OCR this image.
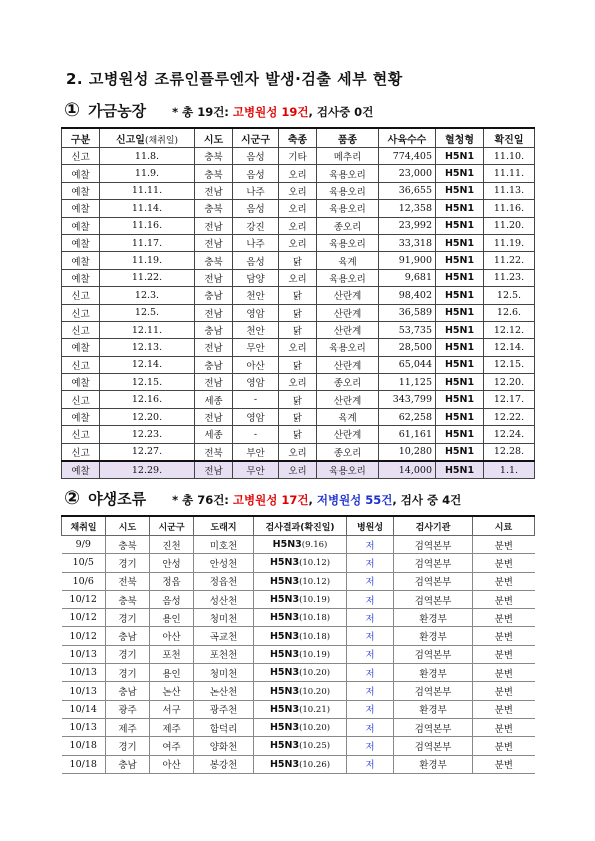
2. 고병원성 조류인플루엔자 발생·검출 세부 현황
① 가금농장 * 총 19건: 고병원성 19건, 검사중 0건
구분	신고일(채취일)	시도	시군구	축종	품종	사육수수	혈청형	확진일
신고	11.8.	충북	음성	기타	메추리	774,405	H5N1	11.10.
예찰	11.9.	충북	음성	오리	육용오리	23,000	H5N1	11.11.
예찰	11.11.	전남	나주	오리	육용오리	36,655	H5N1	11.13.
예찰	11.14.	충북	음성	오리	육용오리	12,358	H5N1	11.16.
예찰	11.16.	전남	강진	오리	종오리	23,992	H5N1	11.20.
예찰	11.17.	전남	나주	오리	육용오리	33,318	H5N1	11.19.
예찰	11.19.	충북	음성	닭	육계	91,900	H5N1	11.22.
예찰	11.22.	전남	담양	오리	육용오리	9,681	H5N1	11.23.
신고	12.3.	충남	천안	닭	산란계	98,402	H5N1	12.5.
신고	12.5.	전남	영암	닭	산란계	36,589	H5N1	12.6.
신고	12.11.	충남	천안	닭	산란계	53,735	H5N1	12.12.
예찰	12.13.	전남	무안	오리	육용오리	28,500	H5N1	12.14.
신고	12.14.	충남	아산	닭	산란계	65,044	H5N1	12.15.
예찰	12.15.	전남	영암	오리	종오리	11,125	H5N1	12.20.
신고	12.16.	세종	-	닭	산란계	343,799	H5N1	12.17.
예찰	12.20.	전남	영암	닭	육계	62,258	H5N1	12.22.
신고	12.23.	세종	-	닭	산란계	61,161	H5N1	12.24.
신고	12.27.	전북	부안	오리	종오리	10,280	H5N1	12.28.
예찰	12.29.	전남	무안	오리	육용오리	14,000	H5N1	1.1.
② 야생조류 * 총 76건: 고병원성 17건, 저병원성 55건, 검사 중 4건
채취일	시도	시군구	도래지	검사결과(확진일)	병원성	검사기관	시료
9/9	충북	진천	미호천	H5N3(9.16)	저	검역본부	분변
10/5	경기	안성	안성천	H5N3(10.12)	저	검역본부	분변
10/6	전북	정읍	정읍천	H5N3(10.12)	저	검역본부	분변
10/12	충북	음성	성산천	H5N3(10.19)	저	검역본부	분변
10/12	경기	용인	청미천	H5N3(10.18)	저	환경부	분변
10/12	충남	아산	곡교천	H5N3(10.18)	저	환경부	분변
10/13	경기	포천	포천천	H5N3(10.19)	저	검역본부	분변
10/13	경기	용인	청미천	H5N3(10.20)	저	환경부	분변
10/13	충남	논산	논산천	H5N3(10.20)	저	검역본부	분변
10/14	광주	서구	광주천	H5N3(10.21)	저	환경부	분변
10/13	제주	제주	함덕리	H5N3(10.20)	저	검역본부	분변
10/18	경기	여주	양화천	H5N3(10.25)	저	검역본부	분변
10/18	충남	아산	봉강천	H5N3(10.26)	저	환경부	분변
